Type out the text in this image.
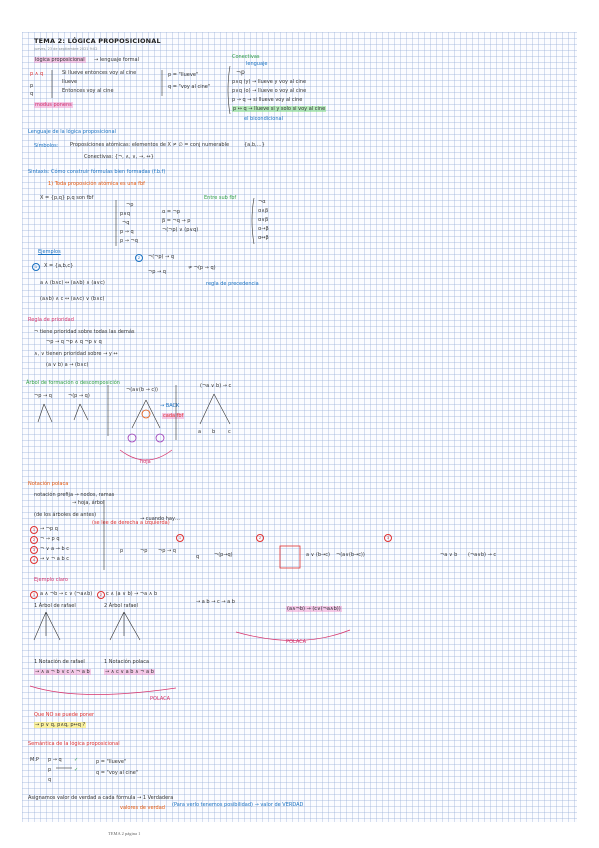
TEMA 2: LÓGICA PROPOSICIONAL
jueves, 23 de septiembre 2021 9:02
lógica proposicional → lenguaje formal
p ∧ q
p
q
Si llueve entonces voy al cine
llueve
Entonces voy al cine
p = "llueve"
q = "voy al cine"
modus ponens
Conectivas
lenguaje
¬p
p∧q (y) → llueve y voy al cine
p∨q (o) → llueve o voy al cine
p → q → si llueve voy al cine
p ↔ q → llueve si y solo si voy al cine
el bicondicional
Lenguaje de la lógica proposicional
Símbolos: Proposiciones atómicas: elementos de X ≠ ∅ = conj numerable
Conectivas: {¬, ∧, ∨, →, ↔}
{a,b,…}
Sintaxis: Cómo construir fórmulas bien formadas (f.b.f)
1) Toda proposición atómica es una fbf
X = {p,q} p,q son fbf	Entre sub fbf
¬p
p∧q
¬q
p → q
p → ¬q
α = ¬p
β = ¬q → p
¬(¬p) ∨ (p∨q)
¬α
α∧β
α∨β
α→β
α↔β
Ejemplos
1	X = {a,b,c}
a ∧ (b∧c) ↔ (a∧b) ∧ (a∨c)
(a∧b) ∧ c ↔ (a∧c) ∨ (b∧c)
2	¬(¬p) → q
¬p → q
≠ ¬(p → q)
regla de precedencia
Regla de prioridad
¬ tiene prioridad sobre todas las demás
¬p → q ¬p ∧ q ¬p ∨ q
∧, ∨ tienen prioridad sobre → y ↔
(a ∨ b) a → (b∧c)
Árbol de formación o descomposición
¬p → q	¬(p → q)
¬(a∨(b → c))
(¬a ∨ b) → c
→ BACK
cada fbf
hoja
a b	c
Notación polaca
notación prefija → nodos, ramas
→ hoja, árbol
(de los árboles de antes)
1 → ¬p q
2 ¬ → p q
3 ¬ ∨ a → b c
4 → ∨ ¬ a b c
(se lee de derecha a izquierda)
→ cuando hay…
p	¬p ¬p → q
q	¬(p→q)	a ∨ (b→c) ¬(a∨(b→c))	¬a ∨ b (¬a∨b) → c
1	2	3
Ejemplo claro
1 a ∧ ¬b → c ∨ (¬a∧b)	2 c ∧ (a ∨ b) → ¬a ∧ b
→ a b → c → a b
(a∧¬b) → (c∨(¬a∧b))
1 Árbol de rafael	2 Árbol rafael
1 Notación de rafael	1 Notación polaca
→ ∧ a ¬ b ∨ c ∧ ¬ a b	→ ∧ c ∨ a b ∧ ¬ a b
POLACA
POLACA
Que NO se puede poner
→ p ∨ q, p∧q, p↔q ?
Semántica de la lógica proposicional
M.P p → q
p
q
✓
✓
p = "llueve"
q = "voy al cine"
Asignamos valor de verdad a cada fórmula → 1 Verdadera
(Para verlo tenemos posibilidad) → valor de VERDAD
valores de verdad
TEMA 2 página 1
